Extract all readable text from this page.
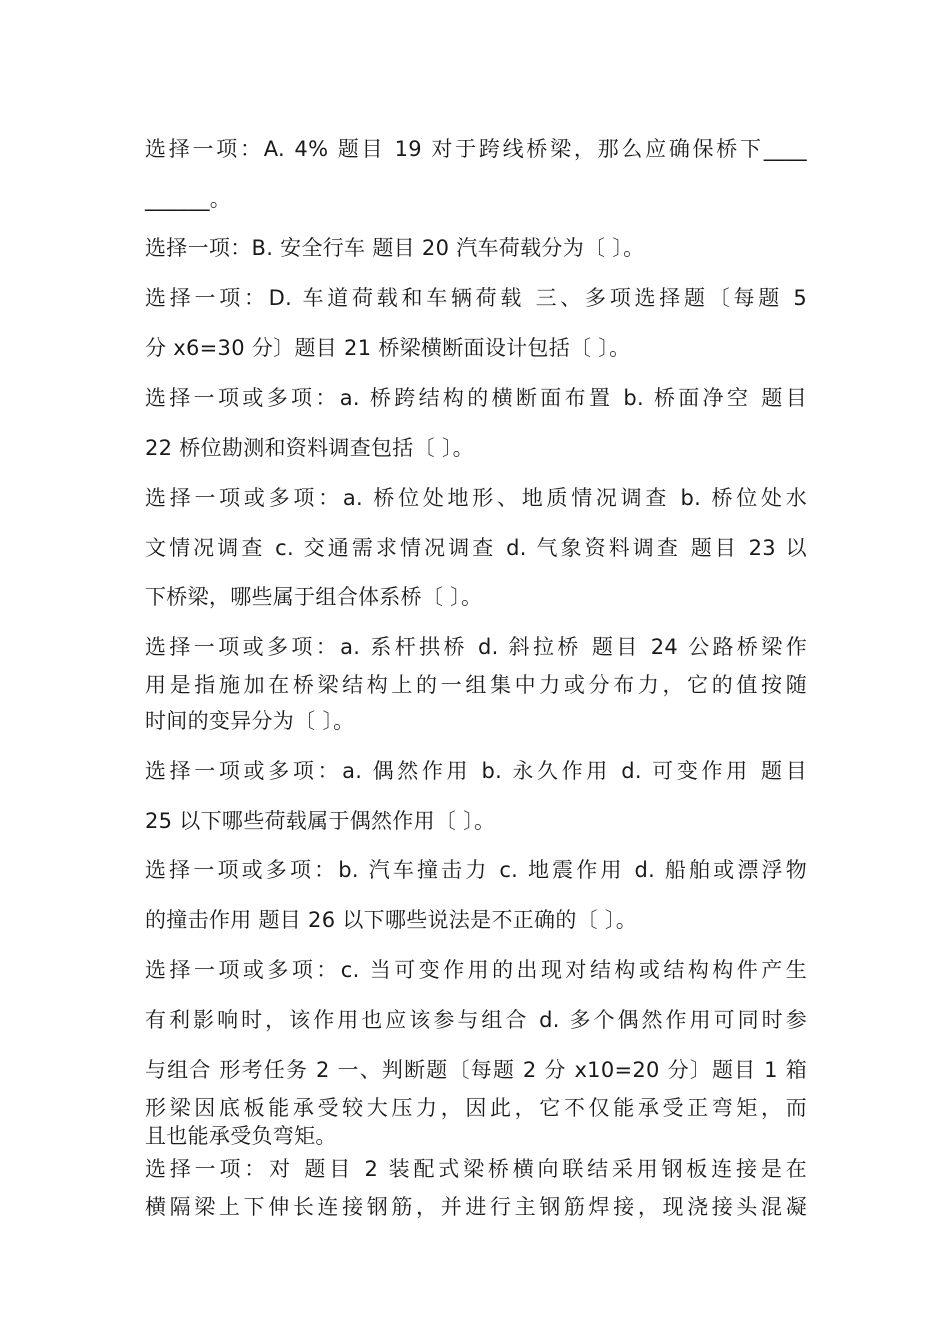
选择一项：A. 4% 题目 19 对于跨线桥梁，那么应确保桥下____
______。
选择一项：B. 安全行车 题目 20 汽车荷载分为〔 〕。
选择一项：D. 车道荷载和车辆荷载 三、多项选择题〔每题 5
分 x6=30 分〕题目 21 桥梁横断面设计包括〔 〕。
选择一项或多项：a. 桥跨结构的横断面布置 b. 桥面净空 题目
22 桥位勘测和资料调查包括〔 〕。
选择一项或多项：a. 桥位处地形、地质情况调查 b. 桥位处水
文情况调查 c. 交通需求情况调查 d. 气象资料调查 题目 23 以
下桥梁，哪些属于组合体系桥〔 〕。
选择一项或多项：a. 系杆拱桥 d. 斜拉桥 题目 24 公路桥梁作
用是指施加在桥梁结构上的一组集中力或分布力，它的值按随
时间的变异分为〔 〕。
选择一项或多项：a. 偶然作用 b. 永久作用 d. 可变作用 题目
25 以下哪些荷载属于偶然作用〔 〕。
选择一项或多项：b. 汽车撞击力 c. 地震作用 d. 船舶或漂浮物
的撞击作用 题目 26 以下哪些说法是不正确的〔 〕。
选择一项或多项：c. 当可变作用的出现对结构或结构构件产生
有利影响时，该作用也应该参与组合 d. 多个偶然作用可同时参
与组合 形考任务 2 一、判断题〔每题 2 分 x10=20 分〕题目 1 箱
形梁因底板能承受较大压力，因此，它不仅能承受正弯矩，而
且也能承受负弯矩。
选择一项：对 题目 2 装配式梁桥横向联结采用钢板连接是在
横隔梁上下伸长连接钢筋，并进行主钢筋焊接，现浇接头混凝
